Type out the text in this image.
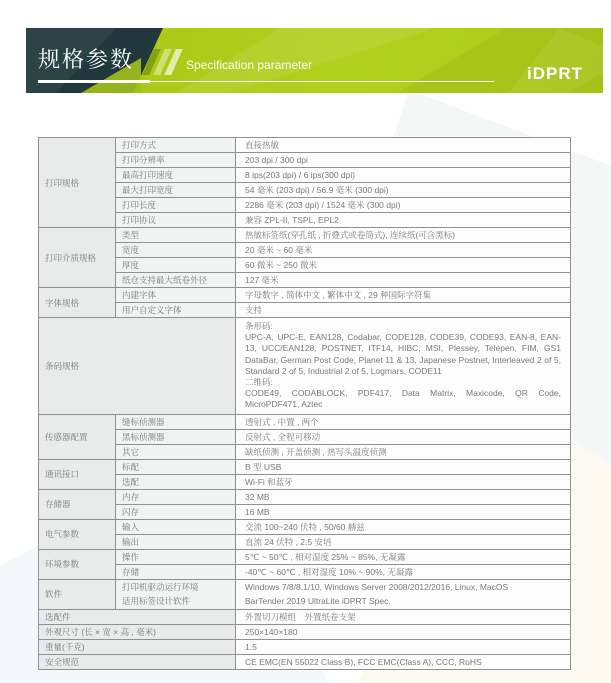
规格参数	Specification parameter	iDPRT
打印规格	打印方式	直接热敏
	打印分辨率	203 dpi / 300 dpi
	最高打印速度	8 ips(203 dpi) / 6 ips(300 dpi)
	最大打印宽度	54 毫米 (203 dpi) / 56.9 毫米 (300 dpi)
	打印长度	2286 毫米 (203 dpi) / 1524 毫米 (300 dpi)
	打印协议	兼容 ZPL-II, TSPL, EPL2
打印介质规格	类型	热敏标签纸(穿孔纸 , 折叠式或卷筒式), 连续纸(可含黑标)
	宽度	20 毫米 ~ 60 毫米
	厚度	60 微米 ~ 250 微米
	纸仓支持最大纸卷外径	127 毫米
字体规格	内建字体	字母数字 , 简体中文 , 繁体中文 , 29 种国际字符集
	用户自定义字体	支持
条码规格		条形码:
UPC-A, UPC-E, EAN128, Codabar, CODE128, CODE39, CODE93, EAN-8, EAN-13, UCC/EAN128, POSTNET, ITF14, HIBC, MSI, Plessey, Telepen, FIM, GS1 DataBar, German Post Code, Planet 11 & 13, Japanese Postnet, Interleaved 2 of 5, Standard 2 of 5, Industrial 2 of 5, Logmars, CODE11
二维码:
CODE49, CODABLOCK, PDF417, Data Matrix, Maxicode, QR Code, MicroPDF471, Aztec

传感器配置	缝标侦测器	透射式 , 中置 , 两个
	黑标侦测器	反射式 , 全程可移动
	其它	缺纸侦测 , 开盖侦测 , 热写头温度侦测
通讯接口	标配	B 型 USB
	选配	Wi-Fi 和蓝牙
存储器	内存	32 MB
	闪存	16 MB
电气参数	输入	交流 100~240 伏特 , 50/60 赫兹
	输出	直流 24 伏特 , 2.5 安培
环境参数	操作	5℃ ~ 50℃ , 相对湿度 25% ~ 85%, 无凝露
	存储	-40℃ ~ 60℃ , 相对湿度 10% ~ 90%, 无凝露
软件	打印机驱动运行环境	Windows 7/8/8.1/10, Windows Server 2008/2012/2016, Linux, MacOS
	适用标签设计软件	BarTender 2019 UltraLite iDPRT Spec.
选配件		外置切刀模组　外置纸卷支架
外观尺寸 (长 × 宽 × 高 , 毫米)		250×140×180
重量(千克)		1.5
安全规范		CE EMC(EN 55022 Class B), FCC EMC(Class A), CCC, RoHS
